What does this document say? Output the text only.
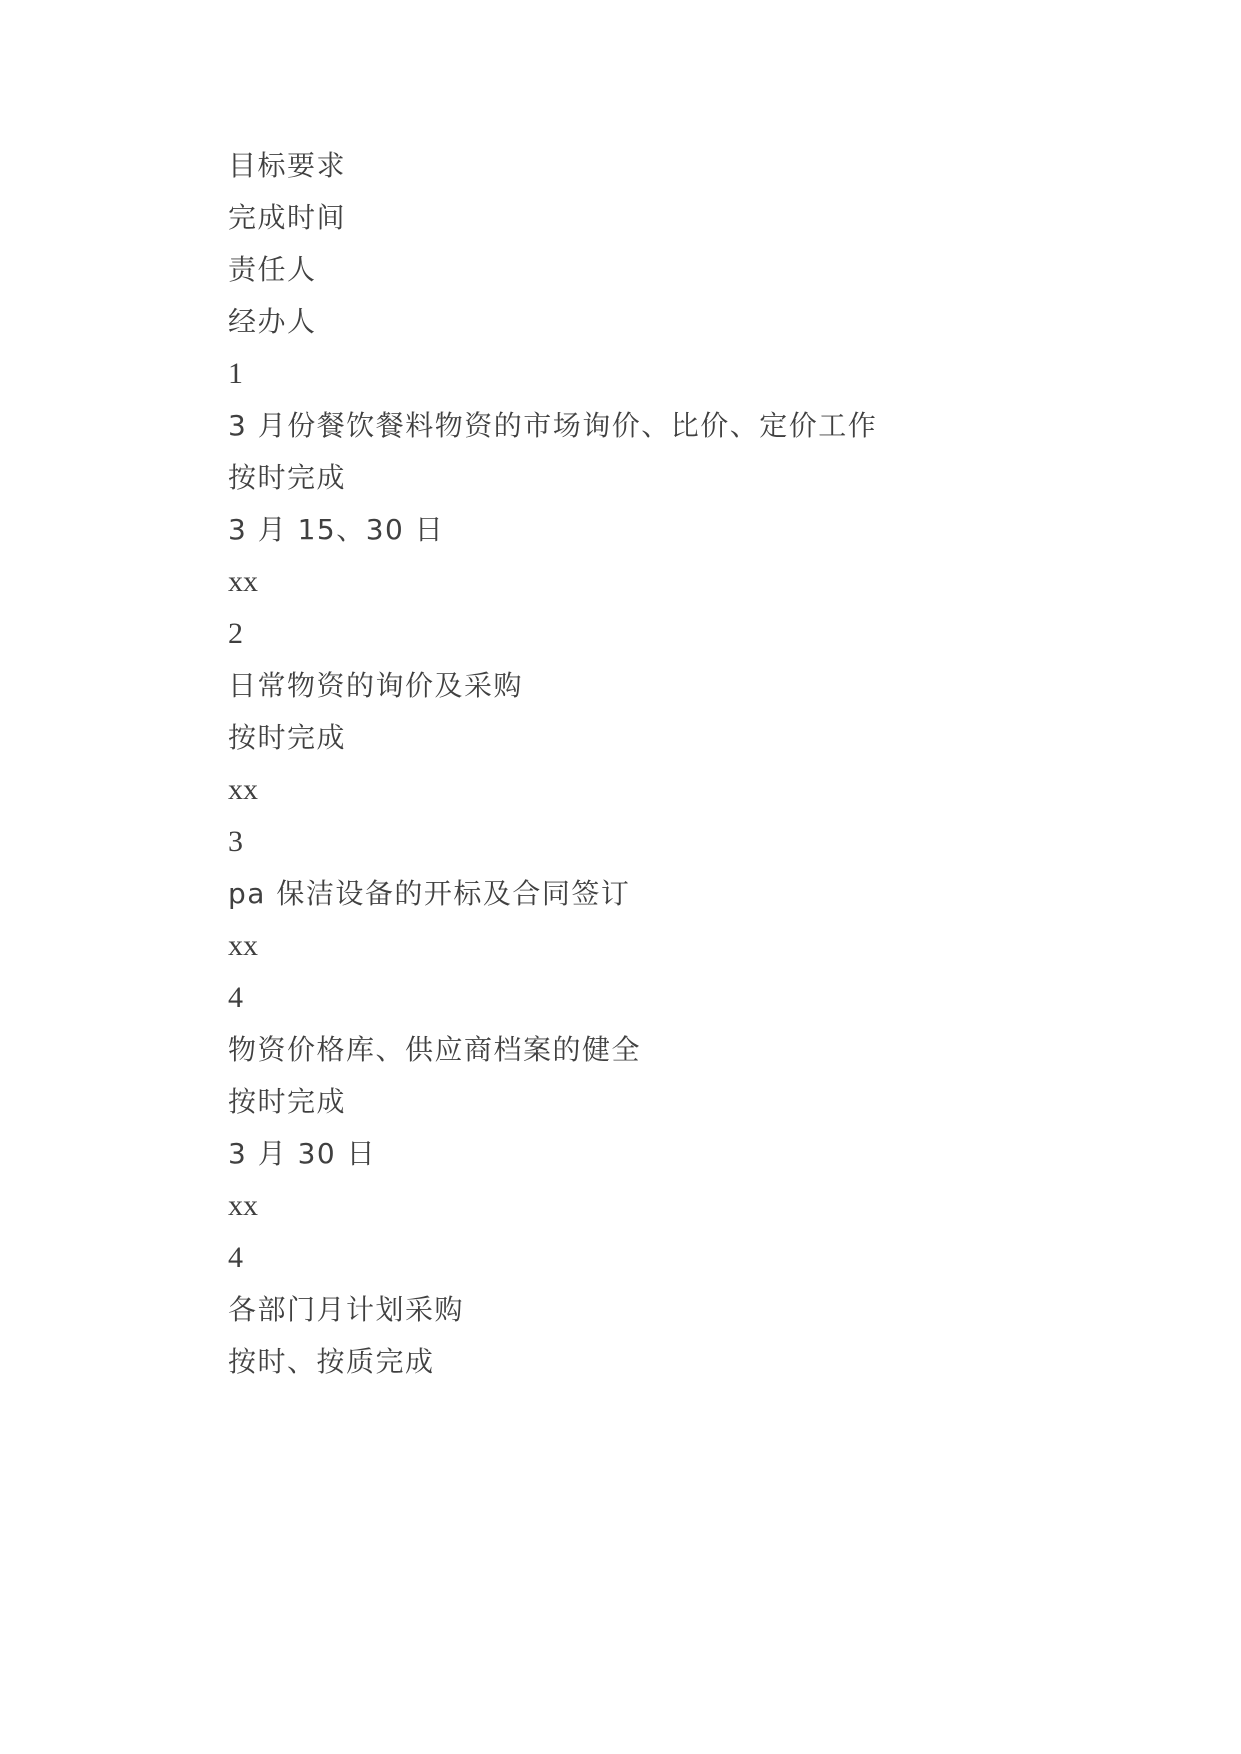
目标要求
完成时间
责任人
经办人
1
3 月份餐饮餐料物资的市场询价、比价、定价工作
按时完成
3 月 15、30 日
xx
2
日常物资的询价及采购
按时完成
xx
3
pa 保洁设备的开标及合同签订
xx
4
物资价格库、供应商档案的健全
按时完成
3 月 30 日
xx
4
各部门月计划采购
按时、按质完成
